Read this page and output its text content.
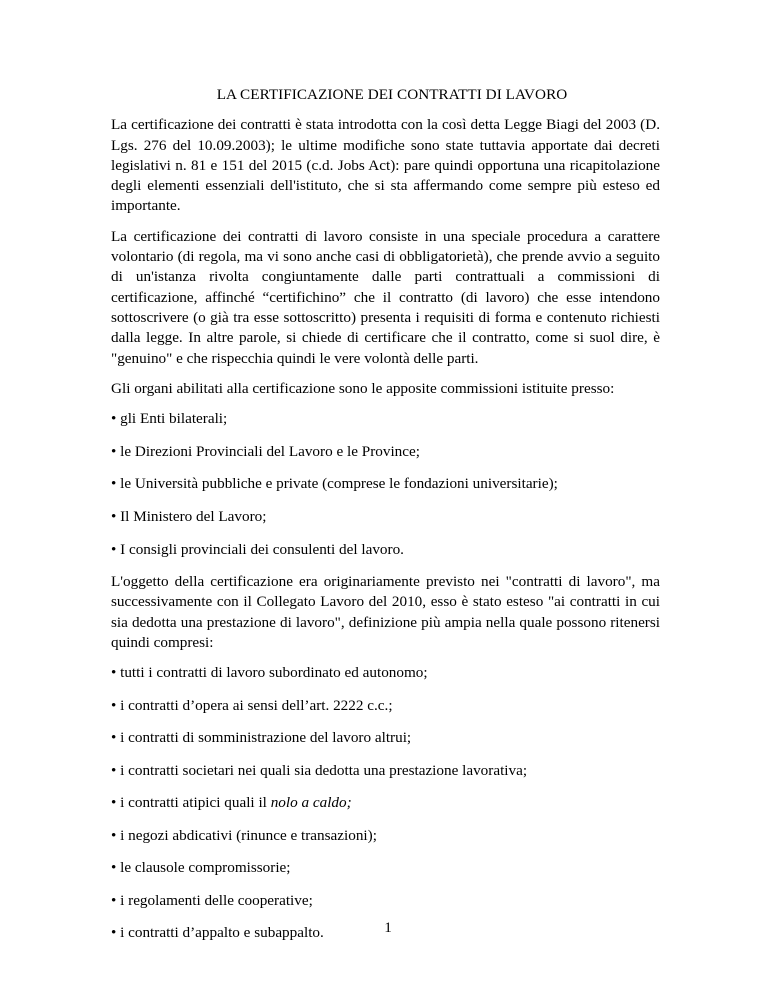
LA CERTIFICAZIONE DEI CONTRATTI DI LAVORO

La certificazione dei contratti è stata introdotta con la così detta Legge Biagi del 2003 (D. Lgs. 276 del 10.09.2003); le ultime modifiche sono state tuttavia apportate dai decreti legislativi n. 81 e 151 del 2015 (c.d. Jobs Act): pare quindi opportuna una ricapitolazione degli elementi essenziali dell'istituto, che si sta affermando come sempre più esteso ed importante.

La certificazione dei contratti di lavoro consiste in una speciale procedura a carattere volontario (di regola, ma vi sono anche casi di obbligatorietà), che prende avvio a seguito di un'istanza rivolta congiuntamente dalle parti contrattuali a commissioni di certificazione, affinché “certifichino” che il contratto (di lavoro) che esse intendono sottoscrivere (o già tra esse sottoscritto) presenta i requisiti di forma e contenuto richiesti dalla legge. In altre parole, si chiede di certificare che il contratto, come si suol dire, è "genuino" e che rispecchia quindi le vere volontà delle parti.

Gli organi abilitati alla certificazione sono le apposite commissioni istituite presso:

• gli Enti bilaterali;
• le Direzioni Provinciali del Lavoro e le Province;
• le Università pubbliche e private (comprese le fondazioni universitarie);
• Il Ministero del Lavoro;
• I consigli provinciali dei consulenti del lavoro.

L'oggetto della certificazione era originariamente previsto nei "contratti di lavoro", ma successivamente con il Collegato Lavoro del 2010, esso è stato esteso "ai contratti in cui sia dedotta una prestazione di lavoro", definizione più ampia nella quale possono ritenersi quindi compresi:

• tutti i contratti di lavoro subordinato ed autonomo;
• i contratti d’opera ai sensi dell’art. 2222 c.c.;
• i contratti di somministrazione del lavoro altrui;
• i contratti societari nei quali sia dedotta una prestazione lavorativa;
• i contratti atipici quali il nolo a caldo;
• i negozi abdicativi (rinunce e transazioni);
• le clausole compromissorie;
• i regolamenti delle cooperative;
• i contratti d’appalto e subappalto.	1
